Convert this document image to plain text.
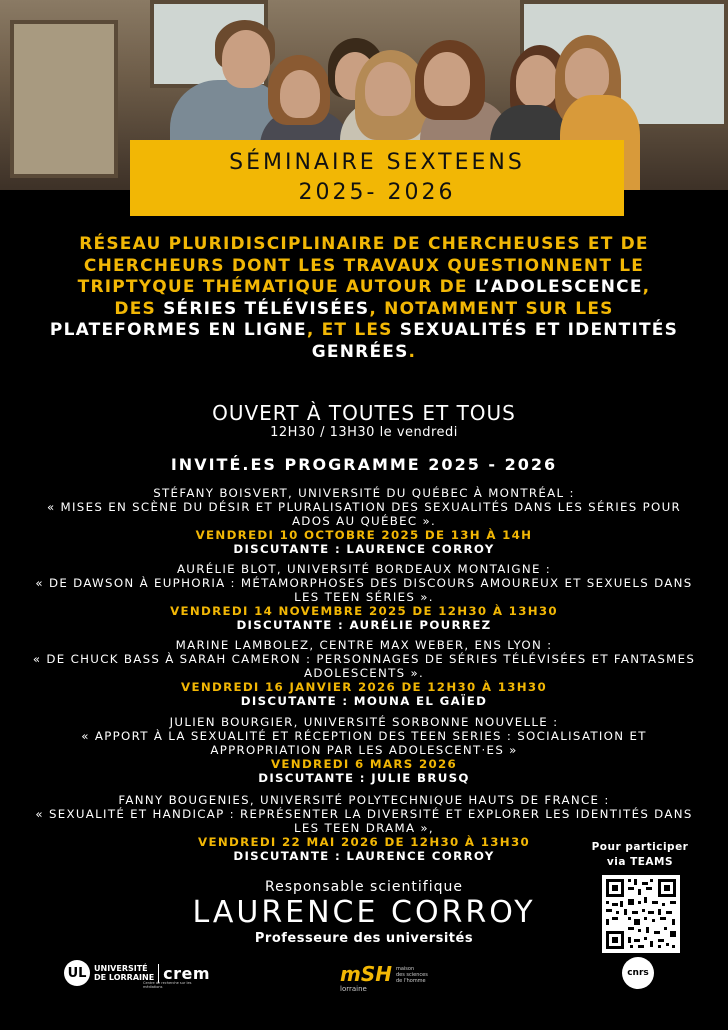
SÉMINAIRE SEXTEENS
2025- 2026
RÉSEAU PLURIDISCIPLINAIRE DE CHERCHEUSES ET DE CHERCHEURS DONT LES TRAVAUX QUESTIONNENT LE TRIPTYQUE THÉMATIQUE AUTOUR DE L’ADOLESCENCE,
DES SÉRIES TÉLÉVISÉES, NOTAMMENT SUR LES PLATEFORMES EN LIGNE, ET LES SEXUALITÉS ET IDENTITÉS GENRÉES.
OUVERT À TOUTES ET TOUS
12H30 / 13H30 le vendredi
INVITÉ.ES PROGRAMME 2025 - 2026
STÉFANY BOISVERT, UNIVERSITÉ DU QUÉBEC À MONTRÉAL :
« MISES EN SCÈNE DU DÉSIR ET PLURALISATION DES SEXUALITÉS DANS LES SÉRIES POUR ADOS AU QUÉBEC ».
VENDREDI 10 OCTOBRE 2025 DE 13H À 14H
DISCUTANTE : LAURENCE CORROY
AURÉLIE BLOT, UNIVERSITÉ BORDEAUX MONTAIGNE :
« DE DAWSON À EUPHORIA : MÉTAMORPHOSES DES DISCOURS AMOUREUX ET SEXUELS DANS LES TEEN SÉRIES ».
VENDREDI 14 NOVEMBRE 2025 DE 12H30 À 13H30
DISCUTANTE : AURÉLIE POURREZ
MARINE LAMBOLEZ, CENTRE MAX WEBER, ENS LYON :
« DE CHUCK BASS À SARAH CAMERON : PERSONNAGES DE SÉRIES TÉLÉVISÉES ET FANTASMES ADOLESCENTS ».
VENDREDI 16 JANVIER 2026 DE 12H30 À 13H30
DISCUTANTE : MOUNA EL GAÏED
JULIEN BOURGIER, UNIVERSITÉ SORBONNE NOUVELLE :
« APPORT À LA SEXUALITÉ ET RÉCEPTION DES TEEN SERIES : SOCIALISATION ET APPROPRIATION PAR LES ADOLESCENT·ES »
VENDREDI 6 MARS 2026
DISCUTANTE : JULIE BRUSQ
FANNY BOUGENIES, UNIVERSITÉ POLYTECHNIQUE HAUTS DE FRANCE :
« SEXUALITÉ ET HANDICAP : REPRÉSENTER LA DIVERSITÉ ET EXPLORER LES IDENTITÉS DANS LES TEEN DRAMA »,
VENDREDI 22 MAI 2026 DE 12H30 À 13H30
DISCUTANTE : LAURENCE CORROY
Pour participer
via TEAMS
Responsable scientifique
LAURENCE CORROY
Professeure des universités
UL UNIVERSITÉ
DE LORRAINE crem
Centre de recherche sur les médiations
mSH maison
des sciences
de l'homme
lorraine
cnrs
